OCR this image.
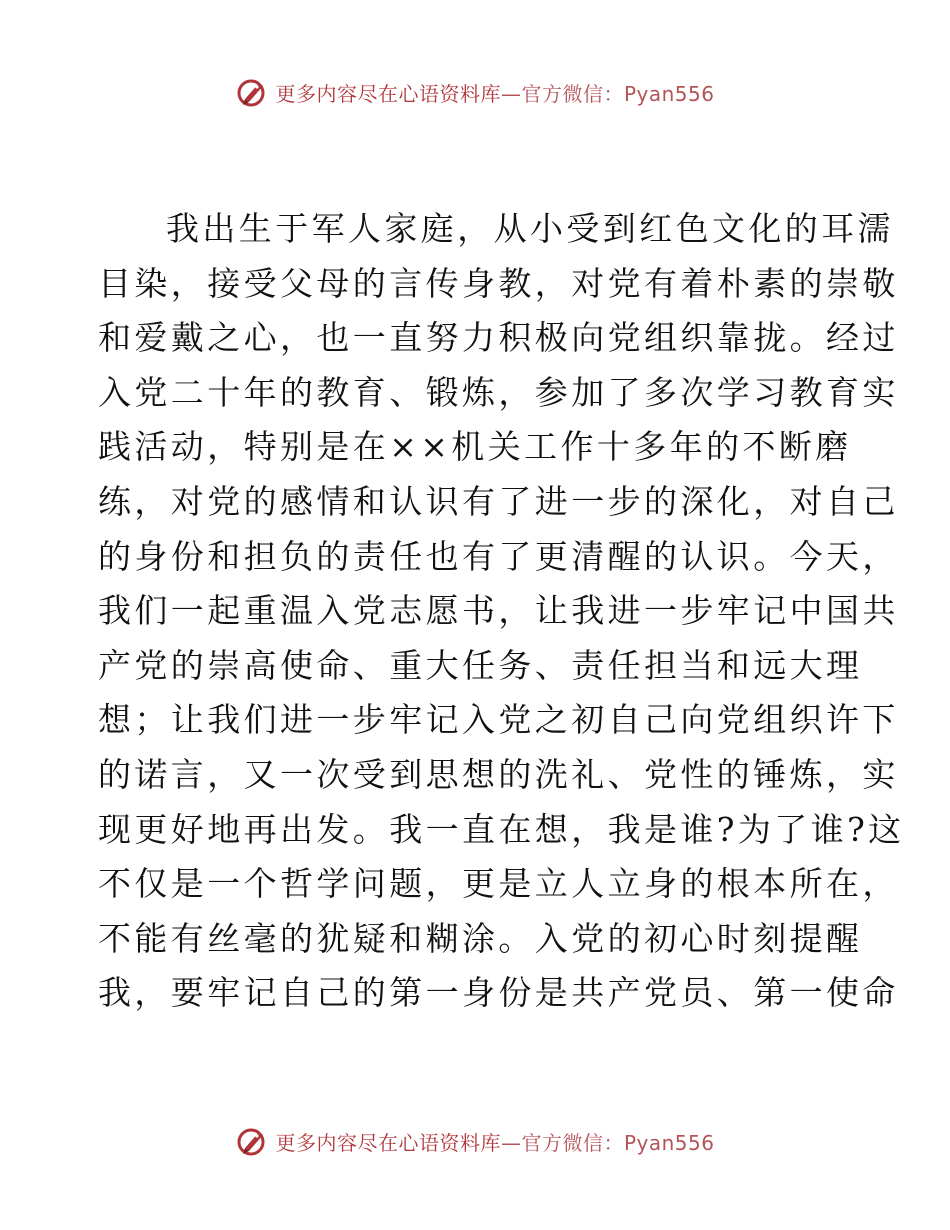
更多内容尽在心语资料库 —官方微信：Pyan556
我出生于军人家庭，从小受到红色文化的耳濡
目染，接受父母的言传身教，对党有着朴素的崇敬
和爱戴之心，也一直努力积极向党组织靠拢。经过
入党二十年的教育、锻炼，参加了多次学习教育实
践活动，特别是在××机关工作十多年的不断磨
练，对党的感情和认识有了进一步的深化，对自己
的身份和担负的责任也有了更清醒的认识。今天，
我们一起重温入党志愿书，让我进一步牢记中国共
产党的崇高使命、重大任务、责任担当和远大理
想；让我们进一步牢记入党之初自己向党组织许下
的诺言，又一次受到思想的洗礼、党性的锤炼，实
现更好地再出发。我一直在想，我是谁?为了谁?这
不仅是一个哲学问题，更是立人立身的根本所在，
不能有丝毫的犹疑和糊涂。入党的初心时刻提醒
我，要牢记自己的第一身份是共产党员、第一使命
更多内容尽在心语资料库 —官方微信：Pyan556
